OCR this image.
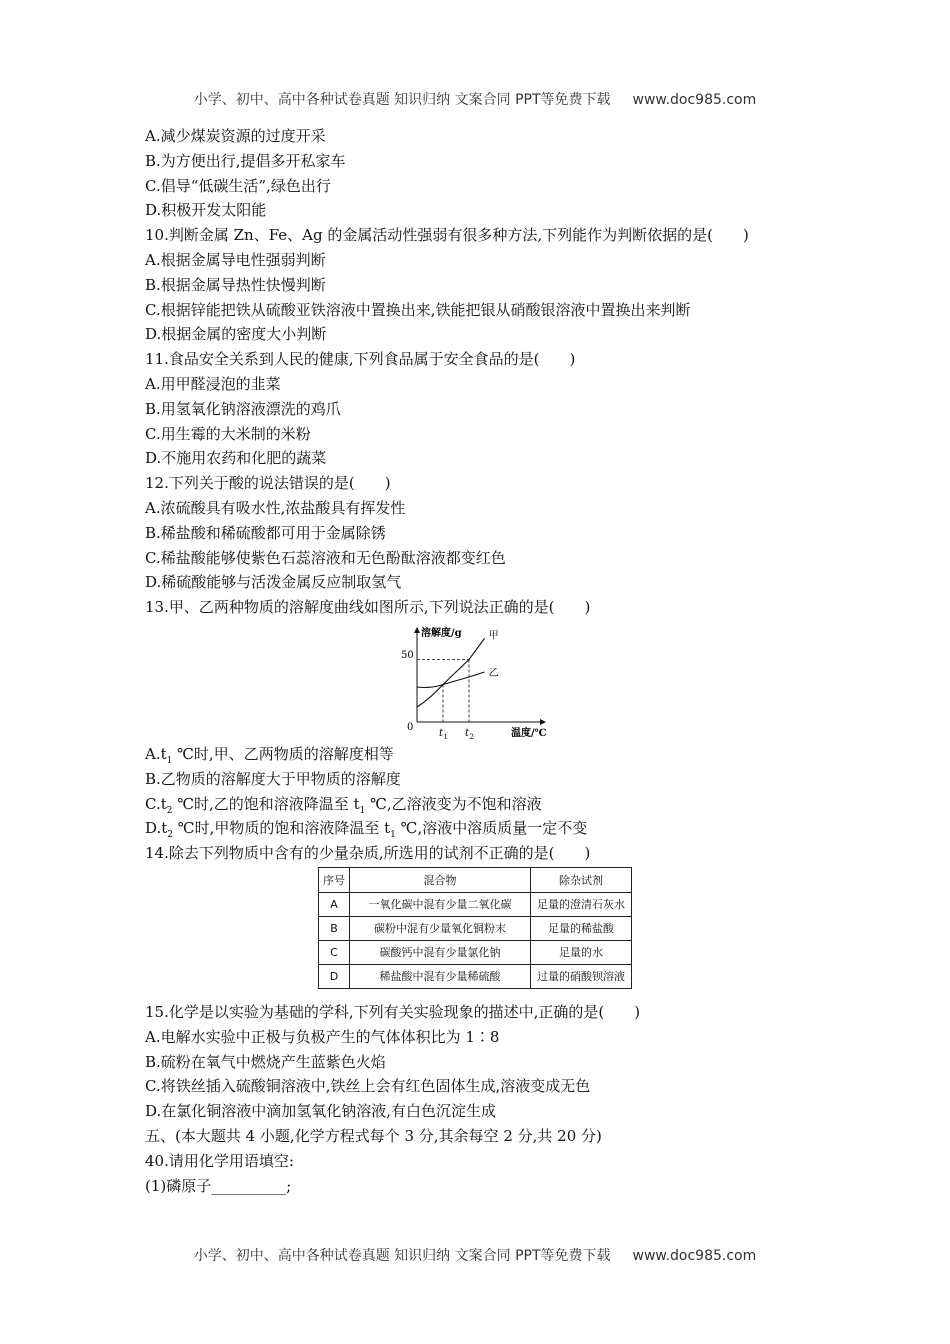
小学、初中、高中各种试卷真题 知识归纳 文案合同 PPT等免费下载 www.doc985.com
A.减少煤炭资源的过度开采
B.为方便出行,提倡多开私家车
C.倡导“低碳生活”,绿色出行
D.积极开发太阳能
10.判断金属 Zn、Fe、Ag 的金属活动性强弱有很多种方法,下列能作为判断依据的是(　　)
A.根据金属导电性强弱判断
B.根据金属导热性快慢判断
C.根据锌能把铁从硫酸亚铁溶液中置换出来,铁能把银从硝酸银溶液中置换出来判断
D.根据金属的密度大小判断
11.食品安全关系到人民的健康,下列食品属于安全食品的是(　　)
A.用甲醛浸泡的韭菜
B.用氢氧化钠溶液漂洗的鸡爪
C.用生霉的大米制的米粉
D.不施用农药和化肥的蔬菜
12.下列关于酸的说法错误的是(　　)
A.浓硫酸具有吸水性,浓盐酸具有挥发性
B.稀盐酸和稀硫酸都可用于金属除锈
C.稀盐酸能够使紫色石蕊溶液和无色酚酞溶液都变红色
D.稀硫酸能够与活泼金属反应制取氢气
13.甲、乙两种物质的溶解度曲线如图所示,下列说法正确的是(　　)
溶解度/g
温度/℃
0
50
甲
乙
t 1 t 2
$A.t_1$ ℃时,甲、乙两物质的溶解度相等
B.乙物质的溶解度大于甲物质的溶解度
$C.t_2$ ℃时,乙的饱和溶液降温至 $t_1$ ℃,乙溶液变为不饱和溶液
$D.t_2$ ℃时,甲物质的饱和溶液降温至 $t_1$ ℃,溶液中溶质质量一定不变
14.除去下列物质中含有的少量杂质,所选用的试剂不正确的是(　　)
序号	混合物	除杂试剂
A	一氧化碳中混有少量二氧化碳	足量的澄清石灰水
B	碳粉中混有少量氧化铜粉末	足量的稀盐酸
C	碳酸钙中混有少量氯化钠	足量的水
D	稀盐酸中混有少量稀硫酸	过量的硝酸钡溶液
15.化学是以实验为基础的学科,下列有关实验现象的描述中,正确的是(　　)
A.电解水实验中正极与负极产生的气体体积比为 1∶8
B.硫粉在氧气中燃烧产生蓝紫色火焰
C.将铁丝插入硫酸铜溶液中,铁丝上会有红色固体生成,溶液变成无色
D.在氯化铜溶液中滴加氢氧化钠溶液,有白色沉淀生成
五、(本大题共 4 小题,化学方程式每个 3 分,其余每空 2 分,共 20 分)
40.请用化学用语填空:
(1)磷原子__________;
小学、初中、高中各种试卷真题 知识归纳 文案合同 PPT等免费下载 www.doc985.com
